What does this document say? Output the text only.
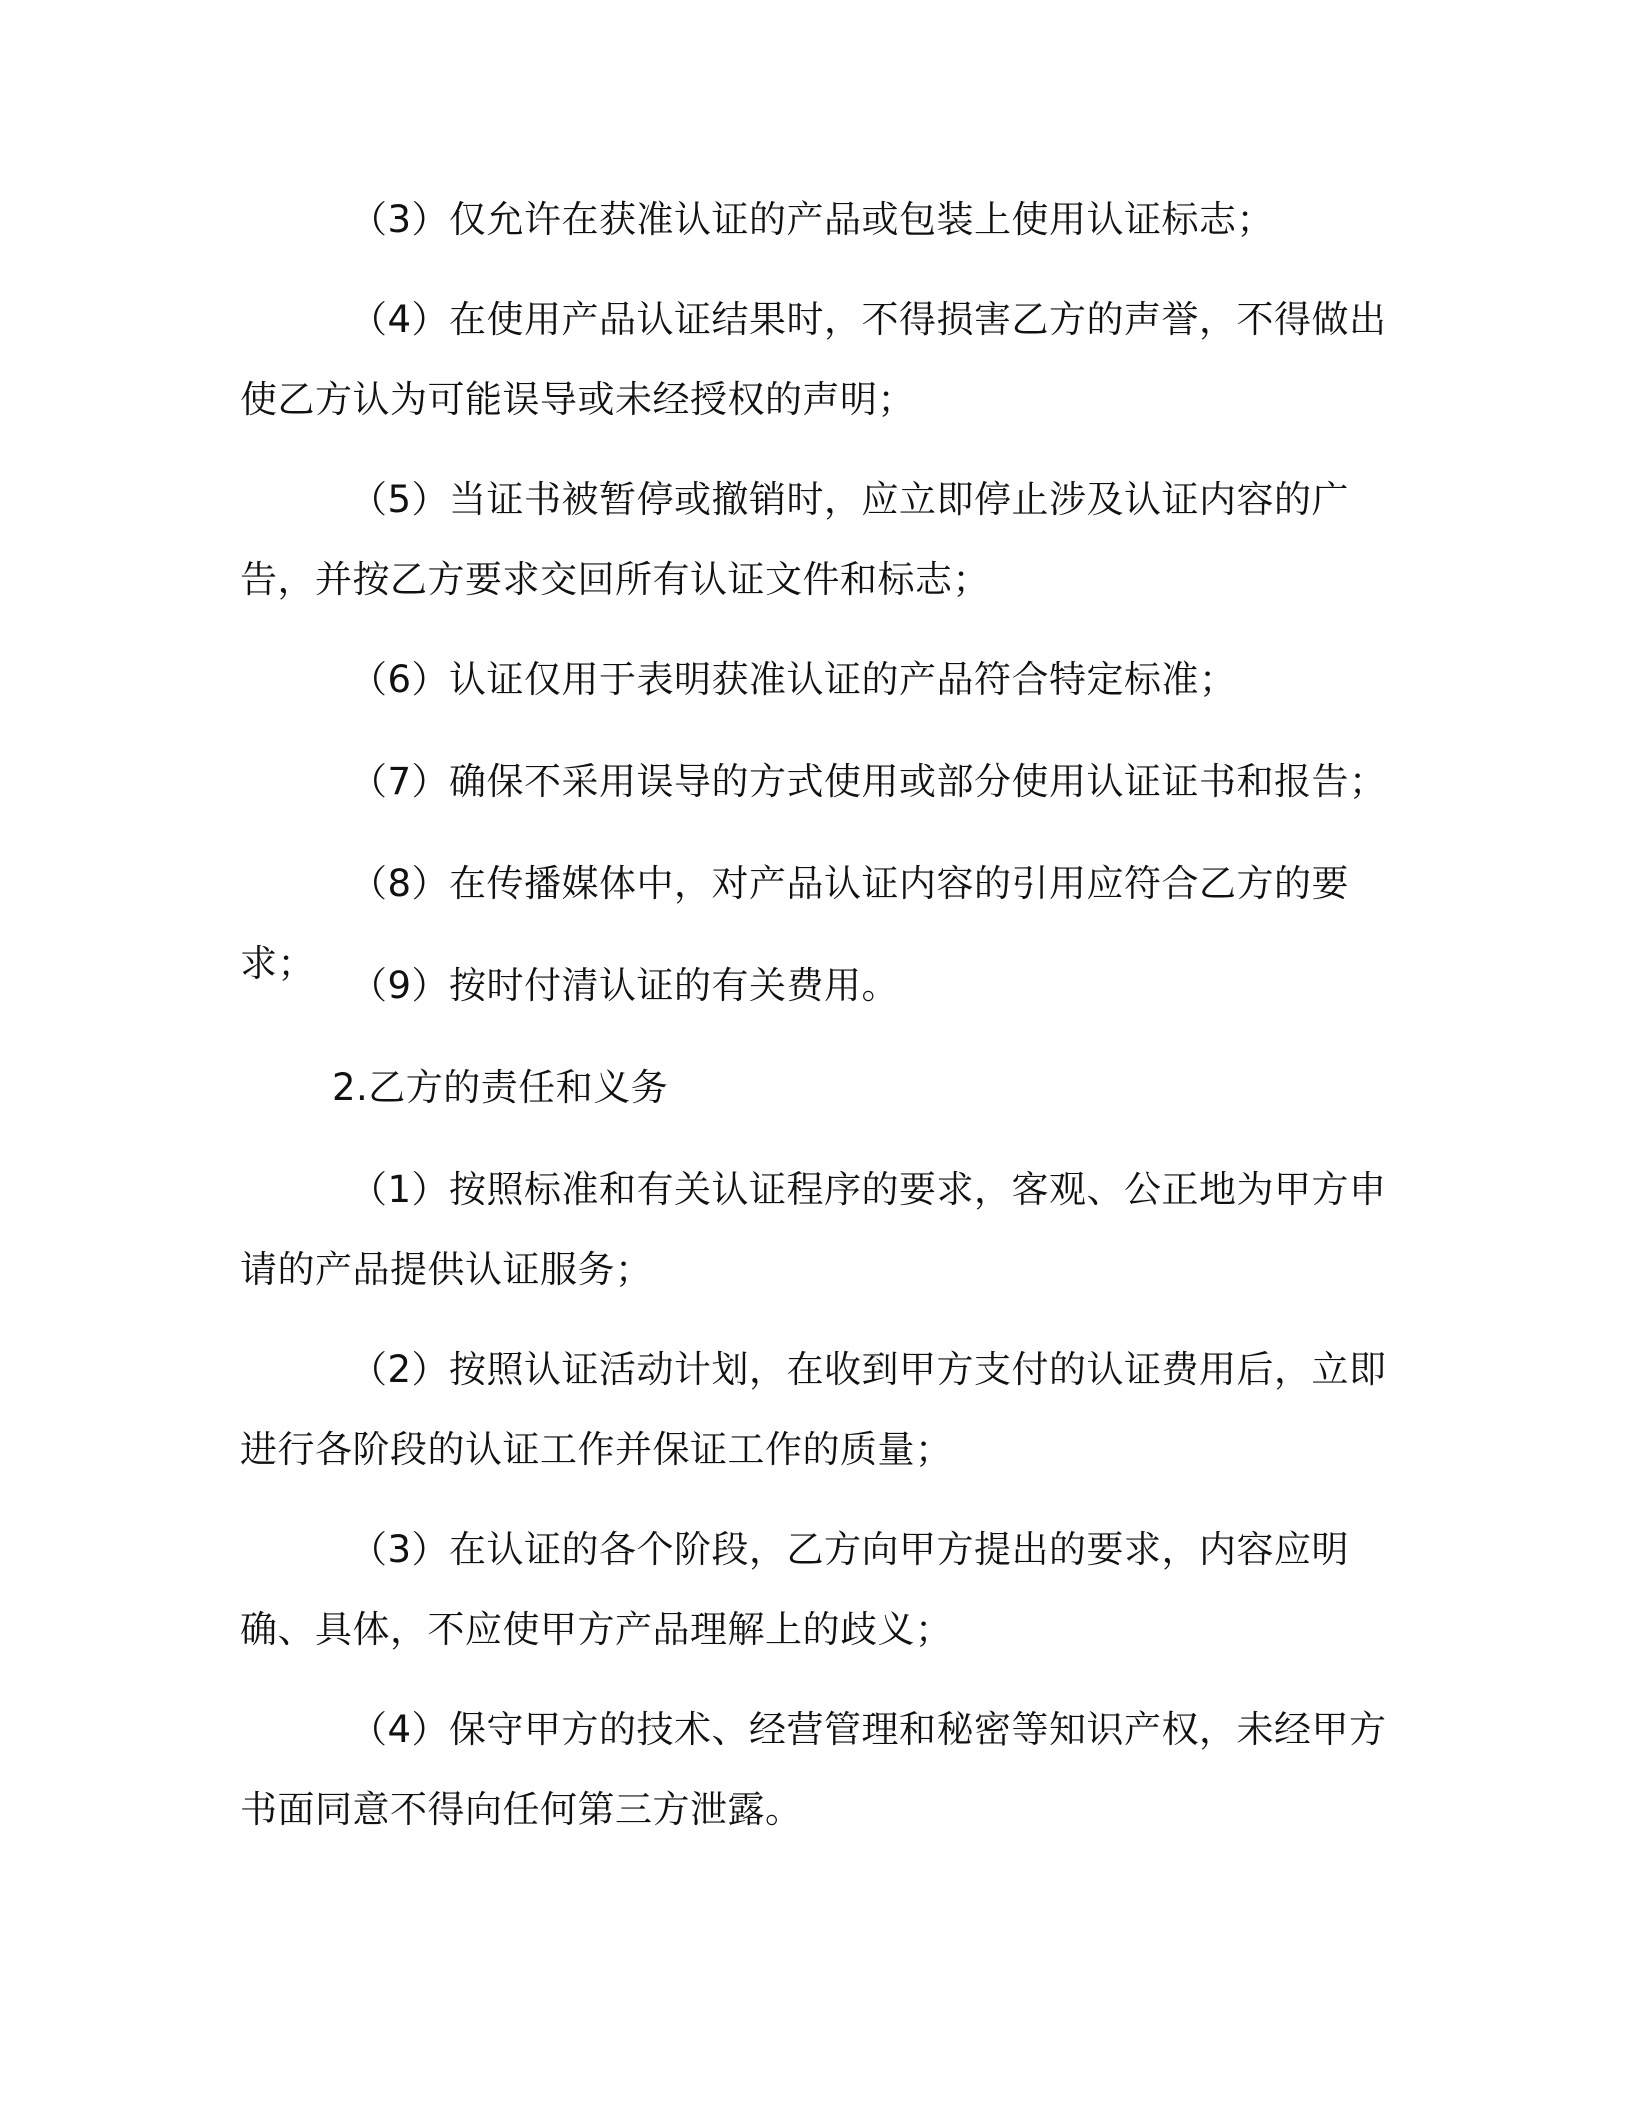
（3）仅允许在获准认证的产品或包装上使用认证标志；

（4）在使用产品认证结果时，不得损害乙方的声誉，不得做出使乙方认为可能误导或未经授权的声明；

（5）当证书被暂停或撤销时，应立即停止涉及认证内容的广告，并按乙方要求交回所有认证文件和标志；

（6）认证仅用于表明获准认证的产品符合特定标准；

（7）确保不采用误导的方式使用或部分使用认证证书和报告；

（8）在传播媒体中，对产品认证内容的引用应符合乙方的要求；

（9）按时付清认证的有关费用。

2.乙方的责任和义务

（1）按照标准和有关认证程序的要求，客观、公正地为甲方申请的产品提供认证服务；

（2）按照认证活动计划，在收到甲方支付的认证费用后，立即进行各阶段的认证工作并保证工作的质量；

（3）在认证的各个阶段，乙方向甲方提出的要求，内容应明确、具体，不应使甲方产品理解上的歧义；

（4）保守甲方的技术、经营管理和秘密等知识产权，未经甲方书面同意不得向任何第三方泄露。
